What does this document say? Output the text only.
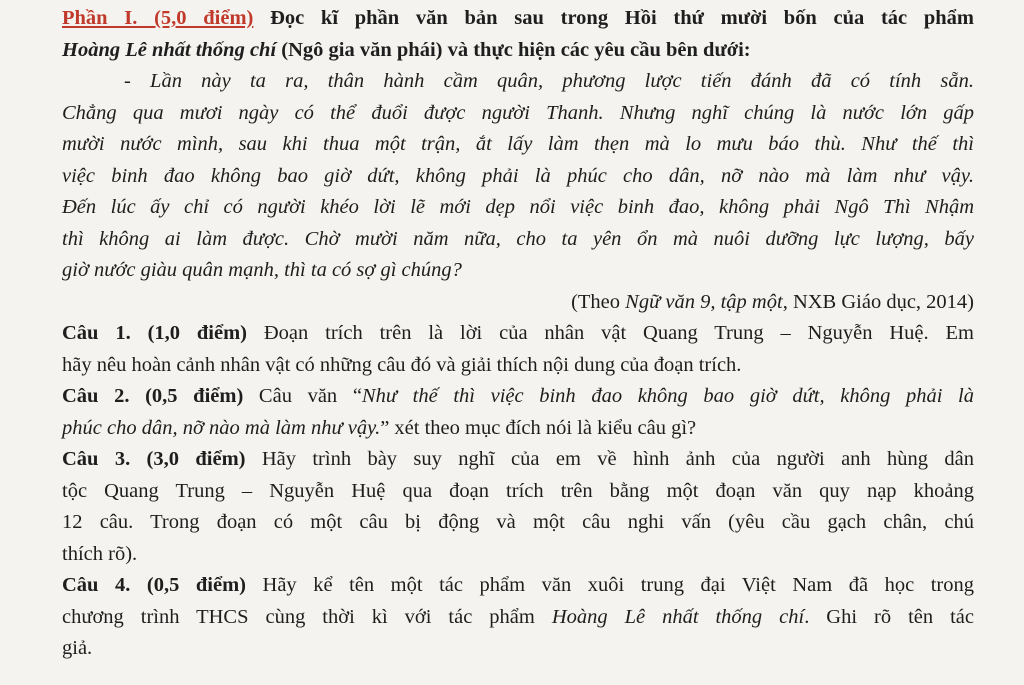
Phần I. (5,0 điểm) Đọc kĩ phần văn bản sau trong Hồi thứ mười bốn của tác phẩm
Hoàng Lê nhất thống chí (Ngô gia văn phái) và thực hiện các yêu cầu bên dưới:
- Lần này ta ra, thân hành cầm quân, phương lược tiến đánh đã có tính sẵn.
Chẳng qua mươi ngày có thể đuổi được người Thanh. Nhưng nghĩ chúng là nước lớn gấp
mười nước mình, sau khi thua một trận, ắt lấy làm thẹn mà lo mưu báo thù. Như thế thì
việc binh đao không bao giờ dứt, không phải là phúc cho dân, nỡ nào mà làm như vậy.
Đến lúc ấy chỉ có người khéo lời lẽ mới dẹp nổi việc binh đao, không phải Ngô Thì Nhậm
thì không ai làm được. Chờ mười năm nữa, cho ta yên ổn mà nuôi dưỡng lực lượng, bấy
giờ nước giàu quân mạnh, thì ta có sợ gì chúng?
(Theo Ngữ văn 9, tập một, NXB Giáo dục, 2014)
Câu 1. (1,0 điểm) Đoạn trích trên là lời của nhân vật Quang Trung – Nguyễn Huệ. Em
hãy nêu hoàn cảnh nhân vật có những câu đó và giải thích nội dung của đoạn trích.
Câu 2. (0,5 điểm) Câu văn “Như thế thì việc binh đao không bao giờ dứt, không phải là
phúc cho dân, nỡ nào mà làm như vậy.” xét theo mục đích nói là kiểu câu gì?
Câu 3. (3,0 điểm) Hãy trình bày suy nghĩ của em về hình ảnh của người anh hùng dân
tộc Quang Trung – Nguyễn Huệ qua đoạn trích trên bằng một đoạn văn quy nạp khoảng
12 câu. Trong đoạn có một câu bị động và một câu nghi vấn (yêu cầu gạch chân, chú
thích rõ).
Câu 4. (0,5 điểm) Hãy kể tên một tác phẩm văn xuôi trung đại Việt Nam đã học trong
chương trình THCS cùng thời kì với tác phẩm Hoàng Lê nhất thống chí. Ghi rõ tên tác
giả.
